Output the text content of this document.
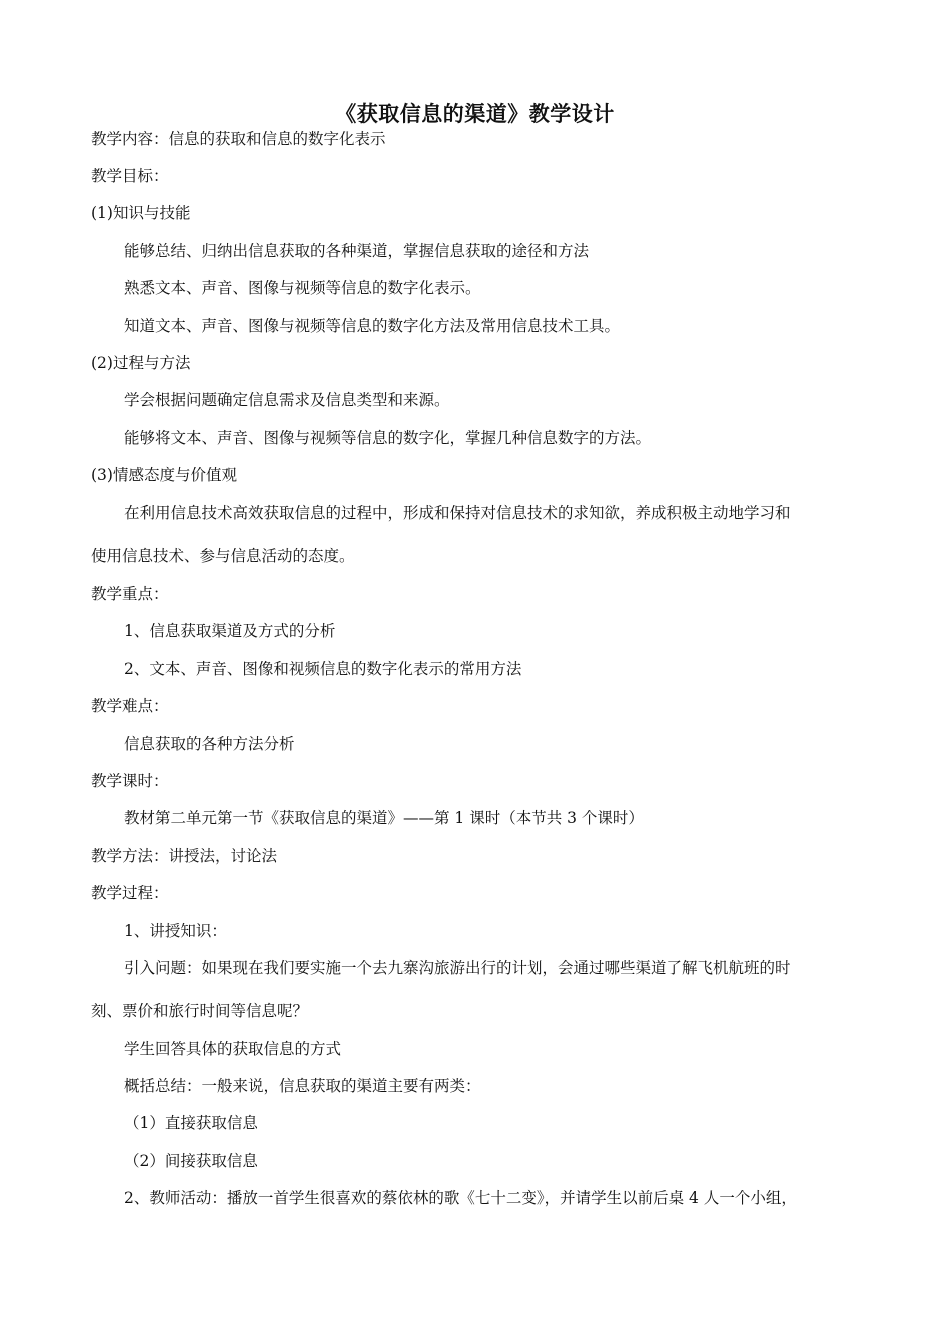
《获取信息的渠道》教学设计
教学内容：信息的获取和信息的数字化表示
教学目标：
(1)知识与技能
能够总结、归纳出信息获取的各种渠道，掌握信息获取的途径和方法
熟悉文本、声音、图像与视频等信息的数字化表示。
知道文本、声音、图像与视频等信息的数字化方法及常用信息技术工具。
(2)过程与方法
学会根据问题确定信息需求及信息类型和来源。
能够将文本、声音、图像与视频等信息的数字化，掌握几种信息数字的方法。
(3)情感态度与价值观
在利用信息技术高效获取信息的过程中，形成和保持对信息技术的求知欲，养成积极主动地学习和
使用信息技术、参与信息活动的态度。
教学重点：
1、信息获取渠道及方式的分析
2、文本、声音、图像和视频信息的数字化表示的常用方法
教学难点：
信息获取的各种方法分析
教学课时：
教材第二单元第一节《获取信息的渠道》——第 1 课时（本节共 3 个课时）
教学方法：讲授法，讨论法
教学过程：
1、讲授知识：
引入问题：如果现在我们要实施一个去九寨沟旅游出行的计划，会通过哪些渠道了解飞机航班的时
刻、票价和旅行时间等信息呢？
学生回答具体的获取信息的方式
概括总结：一般来说，信息获取的渠道主要有两类：
（1）直接获取信息
（2）间接获取信息
2、教师活动：播放一首学生很喜欢的蔡依林的歌《七十二变》，并请学生以前后桌 4 人一个小组，
